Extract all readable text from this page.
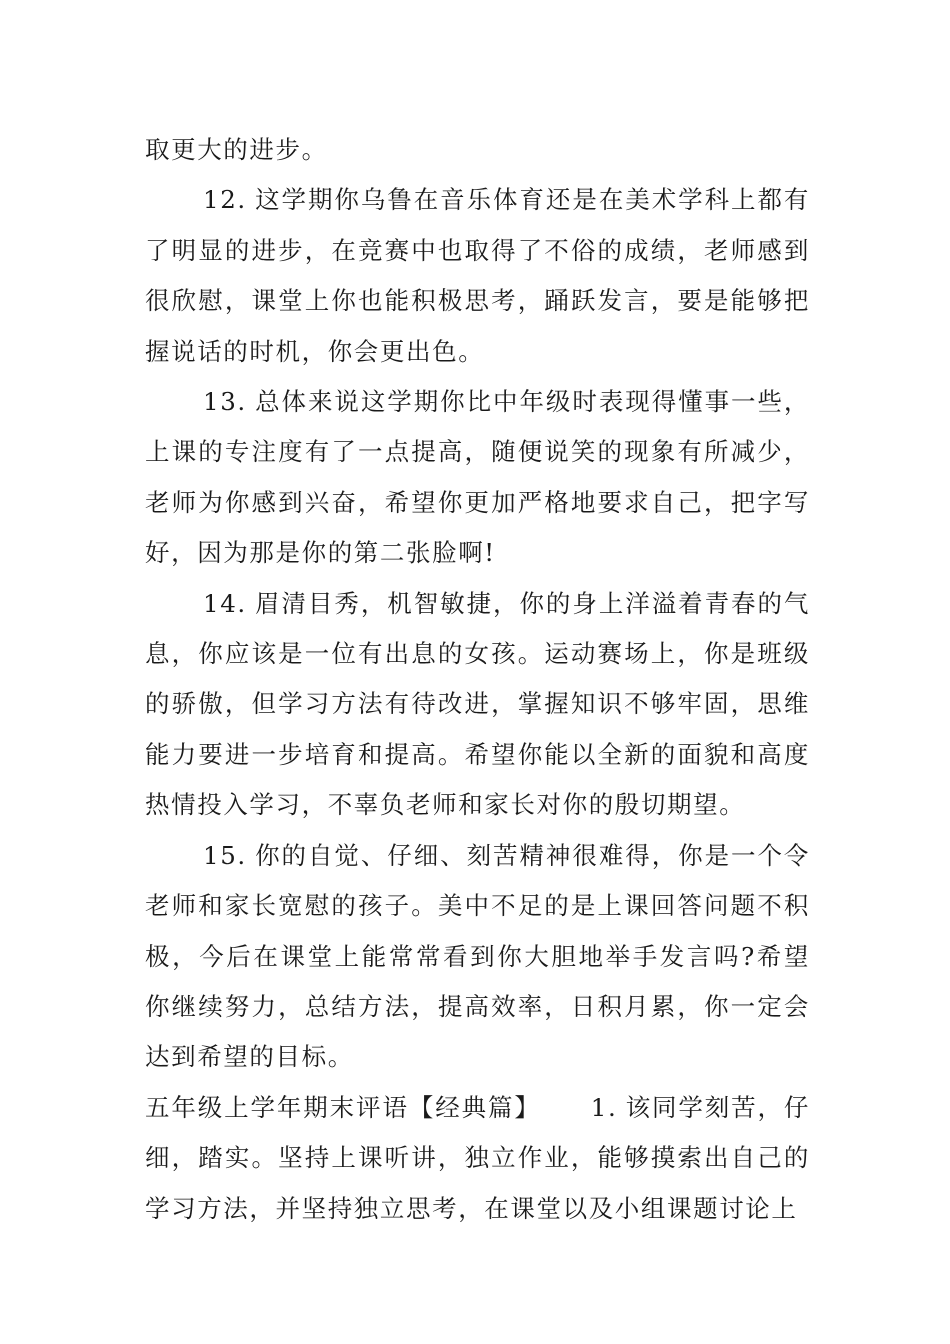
取更大的进步。

12. 这学期你乌鲁在音乐体育还是在美术学科上都有了明显的进步，在竞赛中也取得了不俗的成绩，老师感到很欣慰，课堂上你也能积极思考，踊跃发言，要是能够把握说话的时机，你会更出色。

13. 总体来说这学期你比中年级时表现得懂事一些，上课的专注度有了一点提高，随便说笑的现象有所减少，老师为你感到兴奋，希望你更加严格地要求自己，把字写好，因为那是你的第二张脸啊!

14. 眉清目秀，机智敏捷，你的身上洋溢着青春的气息，你应该是一位有出息的女孩。运动赛场上，你是班级的骄傲，但学习方法有待改进，掌握知识不够牢固，思维能力要进一步培育和提高。希望你能以全新的面貌和高度热情投入学习，不辜负老师和家长对你的殷切期望。

15. 你的自觉、仔细、刻苦精神很难得，你是一个令老师和家长宽慰的孩子。美中不足的是上课回答问题不积极，今后在课堂上能常常看到你大胆地举手发言吗?希望你继续努力，总结方法，提高效率，日积月累，你一定会达到希望的目标。

五年级上学年期末评语【经典篇】 1. 该同学刻苦，仔细，踏实。坚持上课听讲，独立作业，能够摸索出自己的学习方法，并坚持独立思考，在课堂以及小组课题讨论上
